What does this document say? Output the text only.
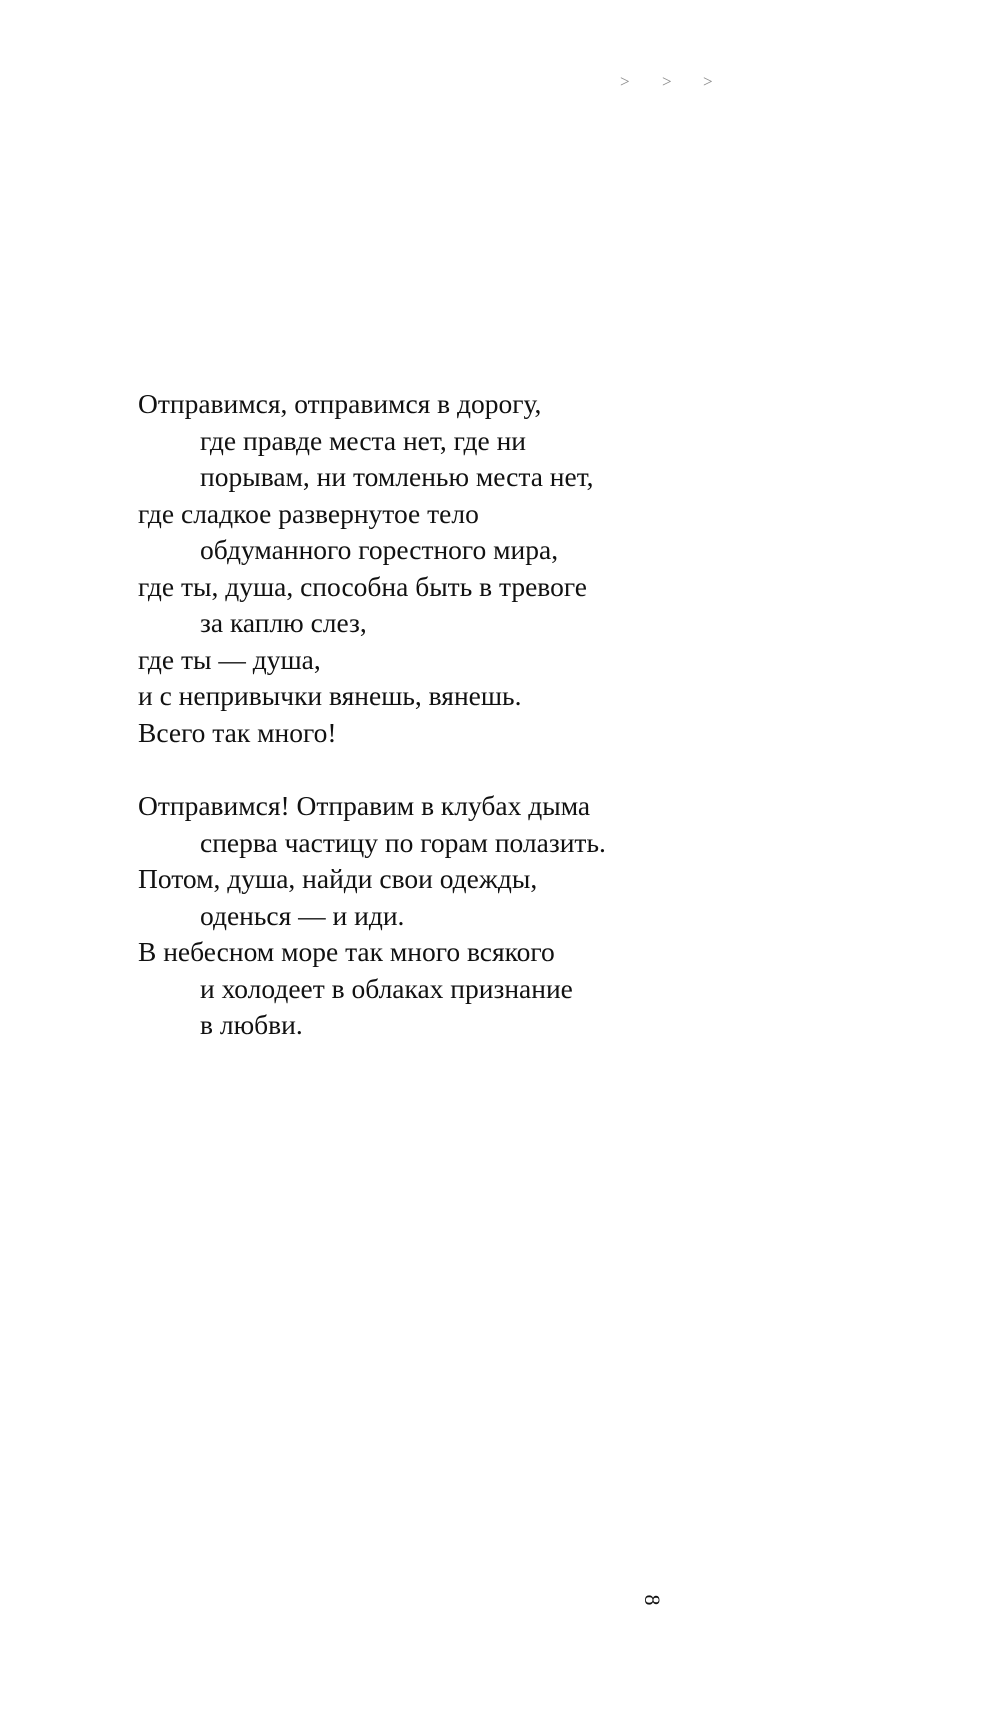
> > >
Отправимся, отправимся в дорогу,
где правде места нет, где ни
порывам, ни томленью места нет,
где сладкое развернутое тело
обдуманного горестного мира,
где ты, душа, способна быть в тревоге
за каплю слез,
где ты — душа,
и с непривычки вянешь, вянешь.
Всего так много!
Отправимся! Отправим в клубах дыма
сперва частицу по горам полазить.
Потом, душа, найди свои одежды,
оденься — и иди.
В небесном море так много всякого
и холодеет в облаках признание
в любви.
8
